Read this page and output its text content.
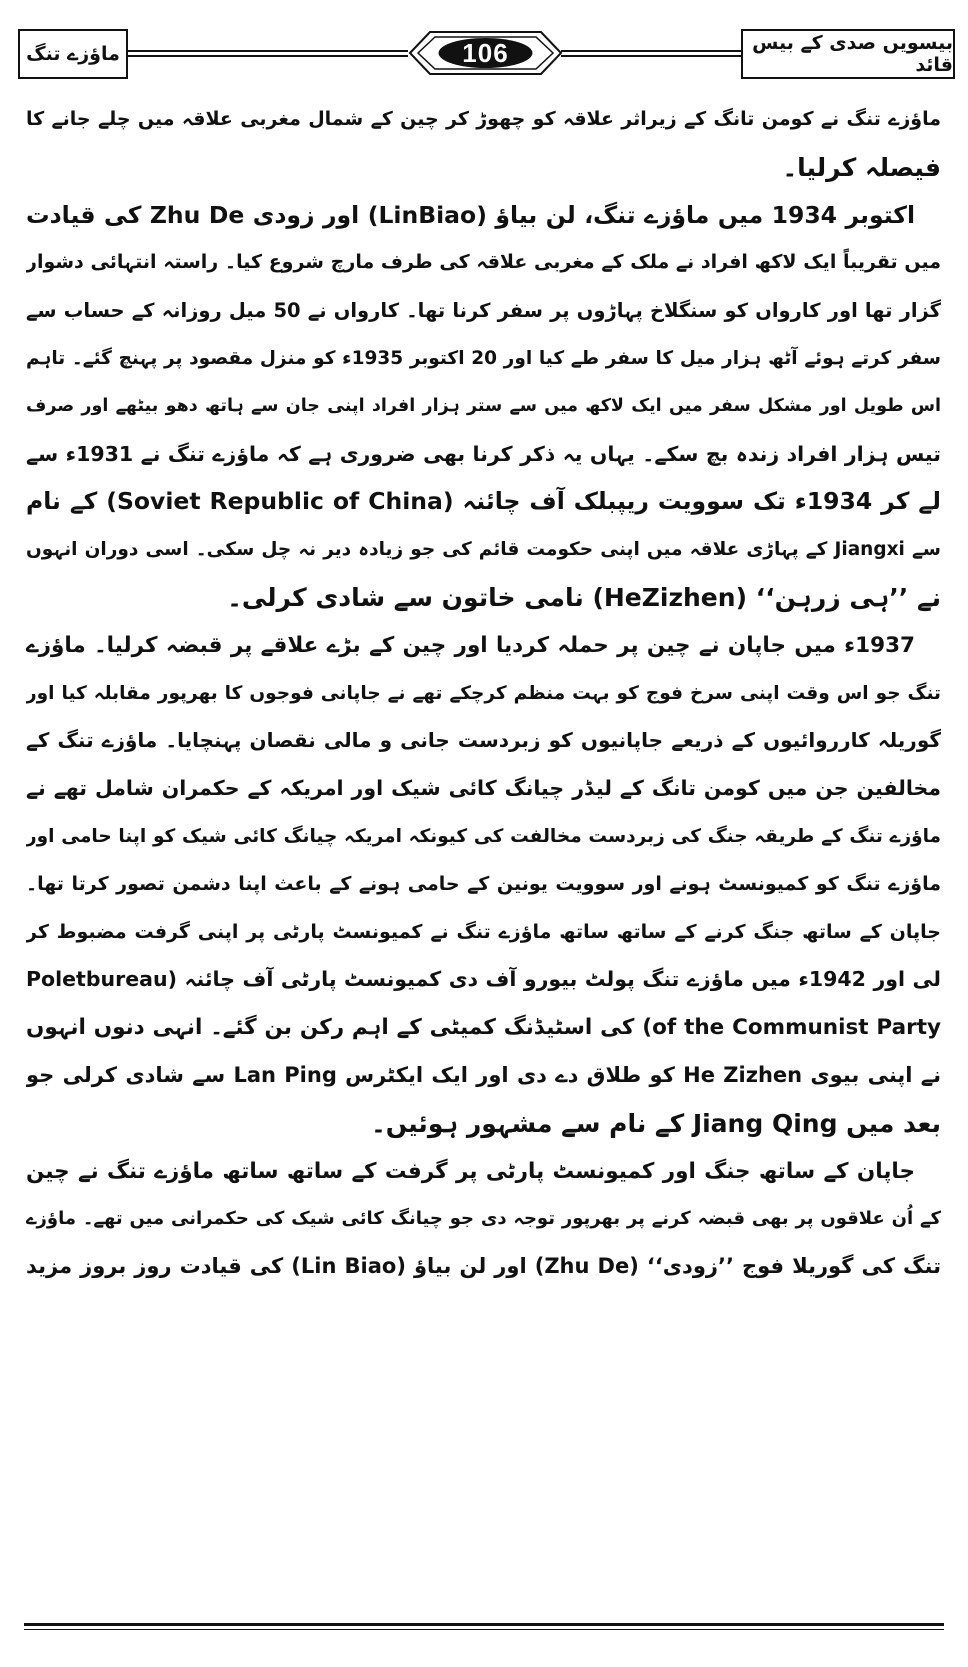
ماؤزے تنگ	106	بیسویں صدی کے بیس قائد
ماؤزے تنگ نے کومن تانگ کے زیراثر علاقہ کو چھوڑ کر چین کے شمال مغربی علاقہ میں چلے جانے کا
فیصلہ کرلیا۔
اکتوبر 1934 میں ماؤزے تنگ، لن بیاؤ (LinBiao) اور زودی Zhu De کی قیادت
میں تقریباً ایک لاکھ افراد نے ملک کے مغربی علاقہ کی طرف مارچ شروع کیا۔ راستہ انتہائی دشوار
گزار تھا اور کارواں کو سنگلاخ پہاڑوں پر سفر کرنا تھا۔ کارواں نے 50 میل روزانہ کے حساب سے
سفر کرتے ہوئے آٹھ ہزار میل کا سفر طے کیا اور 20 اکتوبر 1935ء کو منزل مقصود پر پہنچ گئے۔ تاہم
اس طویل اور مشکل سفر میں ایک لاکھ میں سے ستر ہزار افراد اپنی جان سے ہاتھ دھو بیٹھے اور صرف
تیس ہزار افراد زندہ بچ سکے۔ یہاں یہ ذکر کرنا بھی ضروری ہے کہ ماؤزے تنگ نے 1931ء سے
لے کر 1934ء تک سوویت ریپبلک آف چائنہ (Soviet Republic of China) کے نام
سے Jiangxi کے پہاڑی علاقہ میں اپنی حکومت قائم کی جو زیادہ دیر نہ چل سکی۔ اسی دوران انہوں
نے ’’ہی زرہن‘‘ (HeZizhen) نامی خاتون سے شادی کرلی۔
1937ء میں جاپان نے چین پر حملہ کردیا اور چین کے بڑے علاقے پر قبضہ کرلیا۔ ماؤزے
تنگ جو اس وقت اپنی سرخ فوج کو بہت منظم کرچکے تھے نے جاپانی فوجوں کا بھرپور مقابلہ کیا اور
گوریلہ کارروائیوں کے ذریعے جاپانیوں کو زبردست جانی و مالی نقصان پہنچایا۔ ماؤزے تنگ کے
مخالفین جن میں کومن تانگ کے لیڈر چیانگ کائی شیک اور امریکہ کے حکمران شامل تھے نے
ماؤزے تنگ کے طریقہ جنگ کی زبردست مخالفت کی کیونکہ امریکہ چیانگ کائی شیک کو اپنا حامی اور
ماؤزے تنگ کو کمیونسٹ ہونے اور سوویت یونین کے حامی ہونے کے باعث اپنا دشمن تصور کرتا تھا۔
جاپان کے ساتھ جنگ کرنے کے ساتھ ساتھ ماؤزے تنگ نے کمیونسٹ پارٹی پر اپنی گرفت مضبوط کر
لی اور 1942ء میں ماؤزے تنگ پولٹ بیورو آف دی کمیونسٹ پارٹی آف چائنہ (Poletbureau
of the Communist Party) کی اسٹیڈنگ کمیٹی کے اہم رکن بن گئے۔ انہی دنوں انہوں
نے اپنی بیوی He Zizhen کو طلاق دے دی اور ایک ایکٹرس Lan Ping سے شادی کرلی جو
بعد میں Jiang Qing کے نام سے مشہور ہوئیں۔
جاپان کے ساتھ جنگ اور کمیونسٹ پارٹی پر گرفت کے ساتھ ساتھ ماؤزے تنگ نے چین
کے اُن علاقوں پر بھی قبضہ کرنے پر بھرپور توجہ دی جو چیانگ کائی شیک کی حکمرانی میں تھے۔ ماؤزے
تنگ کی گوریلا فوج ’’زودی‘‘ (Zhu De) اور لن بیاؤ (Lin Biao) کی قیادت روز بروز مزید
